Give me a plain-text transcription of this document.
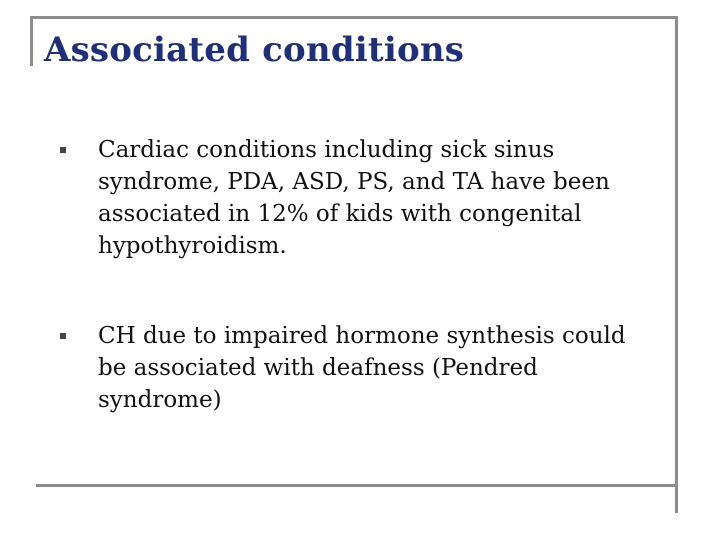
Associated conditions
Cardiac conditions including sick sinus syndrome, PDA, ASD, PS, and TA have been associated in 12% of kids with congenital hypothyroidism.
CH due to impaired hormone synthesis could be associated with deafness (Pendred syndrome)
